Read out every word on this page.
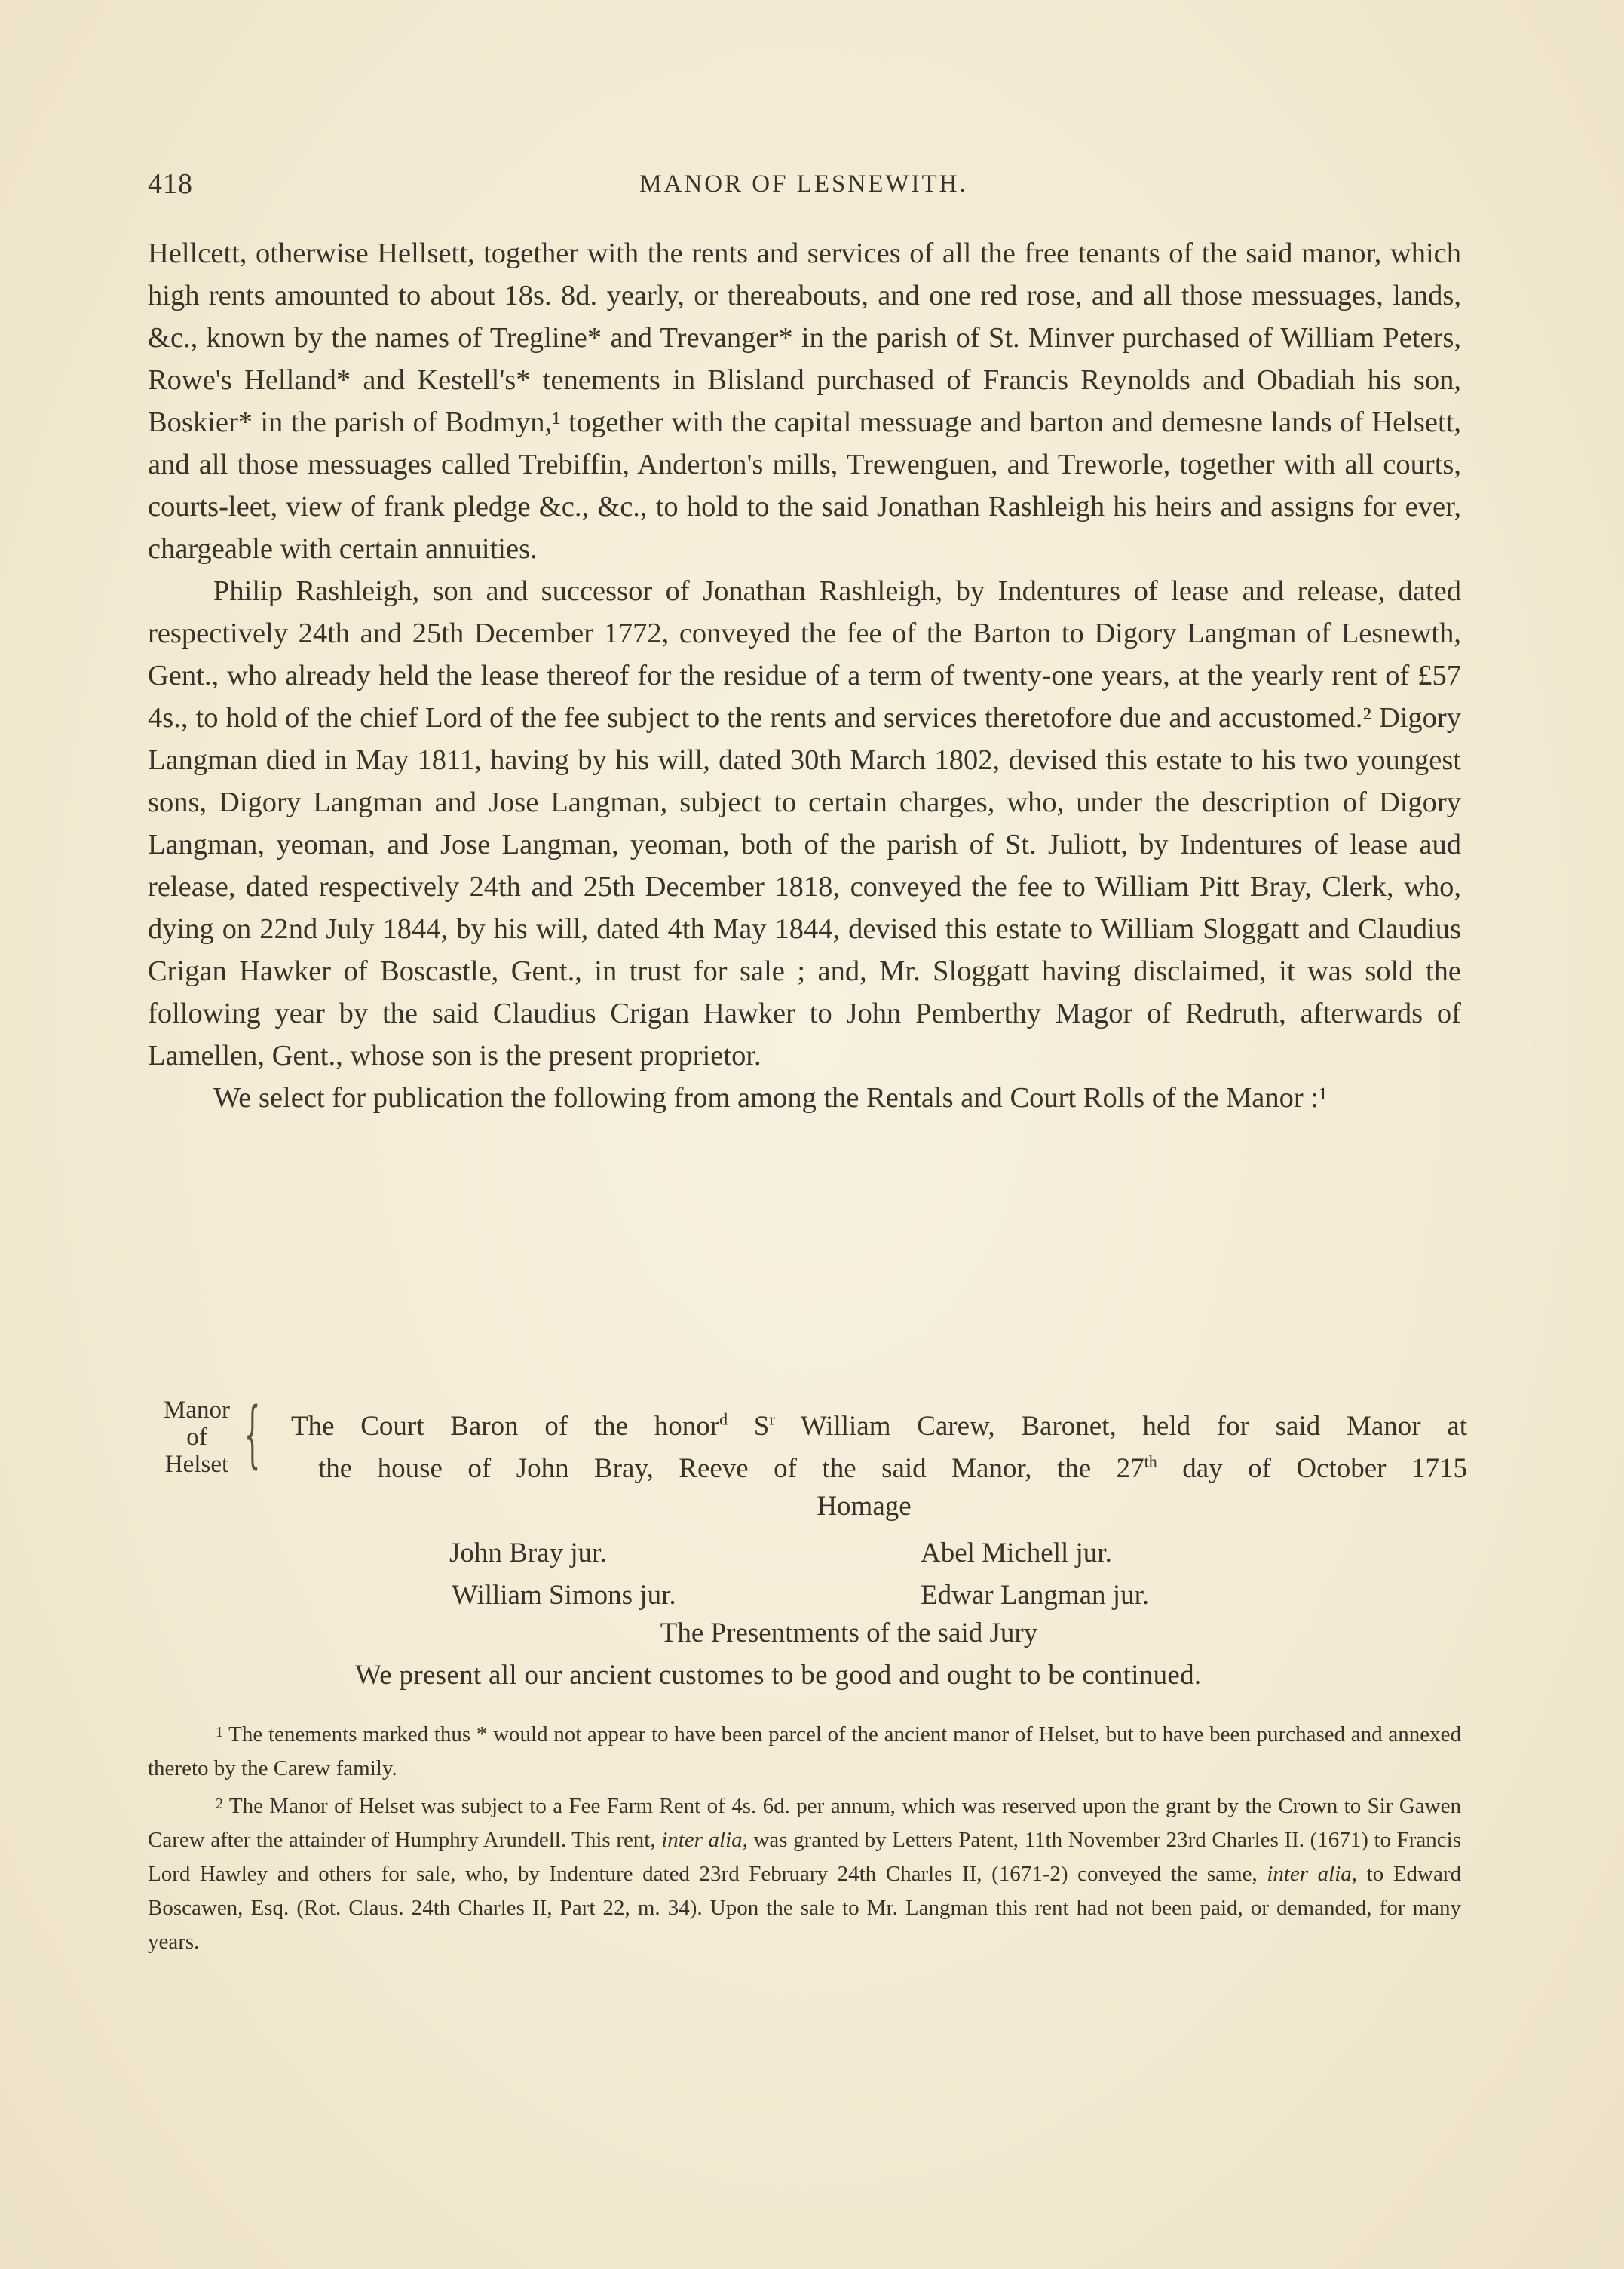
418	MANOR OF LESNEWITH.

Hellcett, otherwise Hellsett, together with the rents and services of all the free tenants of the said manor, which high rents amounted to about 18s. 8d. yearly, or thereabouts, and one red rose, and all those messuages, lands, &c., known by the names of Tregline* and Trevanger* in the parish of St. Minver purchased of William Peters, Rowe's Helland* and Kestell's* tenements in Blisland purchased of Francis Reynolds and Obadiah his son, Boskier* in the parish of Bodmyn,¹ together with the capital messuage and barton and demesne lands of Helsett, and all those messuages called Trebiffin, Anderton's mills, Trewenguen, and Treworle, together with all courts, courts-leet, view of frank pledge &c., &c., to hold to the said Jonathan Rashleigh his heirs and assigns for ever, chargeable with certain annuities.

Philip Rashleigh, son and successor of Jonathan Rashleigh, by Indentures of lease and release, dated respectively 24th and 25th December 1772, conveyed the fee of the Barton to Digory Langman of Lesnewth, Gent., who already held the lease thereof for the residue of a term of twenty-one years, at the yearly rent of £57 4s., to hold of the chief Lord of the fee subject to the rents and services theretofore due and accustomed.² Digory Langman died in May 1811, having by his will, dated 30th March 1802, devised this estate to his two youngest sons, Digory Langman and Jose Langman, subject to certain charges, who, under the description of Digory Langman, yeoman, and Jose Langman, yeoman, both of the parish of St. Juliott, by Indentures of lease aud release, dated respectively 24th and 25th December 1818, conveyed the fee to William Pitt Bray, Clerk, who, dying on 22nd July 1844, by his will, dated 4th May 1844, devised this estate to William Sloggatt and Claudius Crigan Hawker of Boscastle, Gent., in trust for sale ; and, Mr. Sloggatt having disclaimed, it was sold the following year by the said Claudius Crigan Hawker to John Pemberthy Magor of Redruth, afterwards of Lamellen, Gent., whose son is the present proprietor.

We select for publication the following from among the Rentals and Court Rolls of the Manor :¹

Manor
of
Helset { The Court Baron of the honor$^d$ $S^r$ William Carew, Baronet, held for said Manor at
the house of John Bray, Reeve of the said Manor, the 27th day of October 1715
Homage
John Bray jur.	Abel Michell jur.
William Simons jur.	Edwar Langman jur.
The Presentments of the said Jury
We present all our ancient customes to be good and ought to be continued.

$^1$ The tenements marked thus * would not appear to have been parcel of the ancient manor of Helset, but to have been purchased and annexed thereto by the Carew family.

$^2$ The Manor of Helset was subject to a Fee Farm Rent of 4s. 6d. per annum, which was reserved upon the grant by the Crown to Sir Gawen Carew after the attainder of Humphry Arundell. This rent, inter alia, was granted by Letters Patent, 11th November 23rd Charles II. (1671) to Francis Lord Hawley and others for sale, who, by Indenture dated 23rd February 24th Charles II, (1671-2) conveyed the same, inter alia, to Edward Boscawen, Esq. (Rot. Claus. 24th Charles II, Part 22, m. 34). Upon the sale to Mr. Langman this rent had not been paid, or demanded, for many years.
